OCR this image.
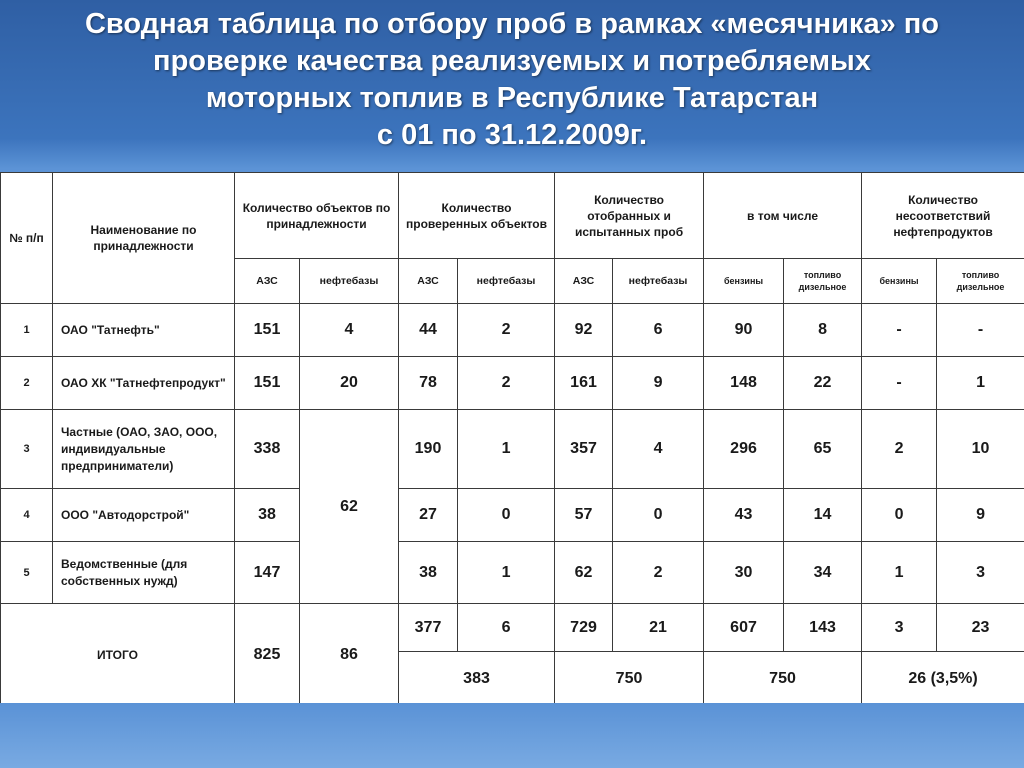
Сводная таблица по отбору проб в рамках «месячника» по
проверке качества реализуемых и потребляемых
моторных топлив в Республике Татарстан
с 01 по 31.12.2009г.
№ п/п	Наименование по принадлежности	Количество объектов по принадлежности		Количество проверенных объектов		Количество отобранных и испытанных проб		в том числе		Количество несоответствий нефтепродуктов	
		АЗС	нефтебазы	АЗС	нефтебазы	АЗС	нефтебазы	бензины	топливо дизельное	бензины	топливо дизельное
1	ОАО "Татнефть"	151	4	44	2	92	6	90	8	-	-
2	ОАО ХК "Татнефтепродукт"	151	20	78	2	161	9	148	22	-	1
3	Частные (ОАО, ЗАО, ООО, индивидуальные предприниматели)	338	62	190	1	357	4	296	65	2	10
4	ООО "Автодорстрой"	38		27	0	57	0	43	14	0	9
5	Ведомственные (для собственных нужд)	147		38	1	62	2	30	34	1	3
ИТОГО		825	86	377	6	729	21	607	143	3	23
				383		750		750		26 (3,5%)	
